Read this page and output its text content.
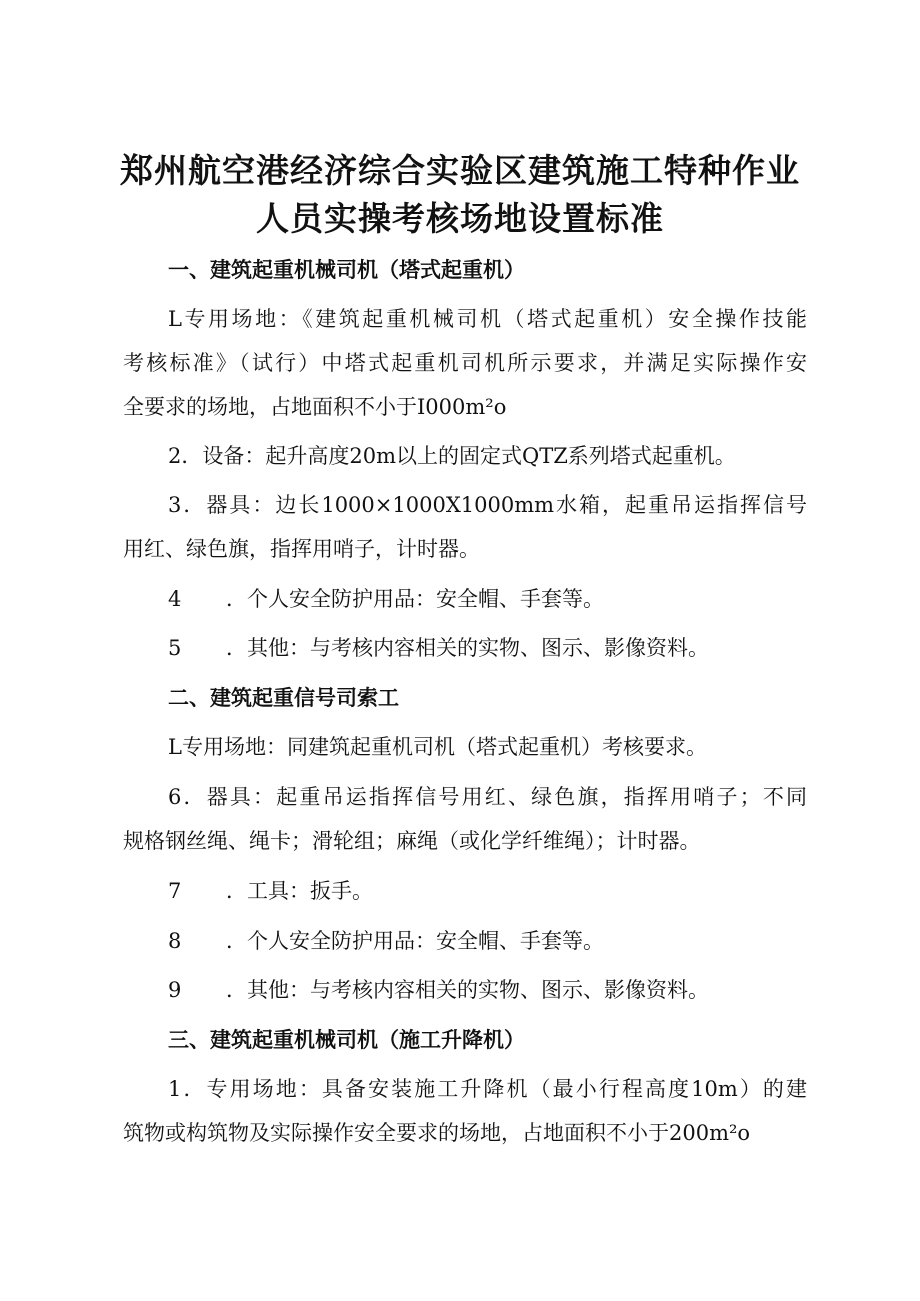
郑州航空港经济综合实验区建筑施工特种作业
人员实操考核场地设置标准
一、建筑起重机械司机（塔式起重机）
L专用场地：《建筑起重机械司机（塔式起重机）安全操作技能
考核标准》（试行）中塔式起重机司机所示要求，并满足实际操作安
全要求的场地，占地面积不小于I000m²o
2．设备：起升高度20m以上的固定式QTZ系列塔式起重机。
3．器具：边长1000×1000X1000mm水箱，起重吊运指挥信号
用红、绿色旗，指挥用哨子，计时器。
4 ．个人安全防护用品：安全帽、手套等。
5 ．其他：与考核内容相关的实物、图示、影像资料。
二、建筑起重信号司索工
L专用场地：同建筑起重机司机（塔式起重机）考核要求。
6．器具：起重吊运指挥信号用红、绿色旗，指挥用哨子；不同
规格钢丝绳、绳卡；滑轮组；麻绳（或化学纤维绳）；计时器。
7 ．工具：扳手。
8 ．个人安全防护用品：安全帽、手套等。
9 ．其他：与考核内容相关的实物、图示、影像资料。
三、建筑起重机械司机（施工升降机）
1．专用场地：具备安装施工升降机（最小行程高度10m）的建
筑物或构筑物及实际操作安全要求的场地，占地面积不小于200m²o
